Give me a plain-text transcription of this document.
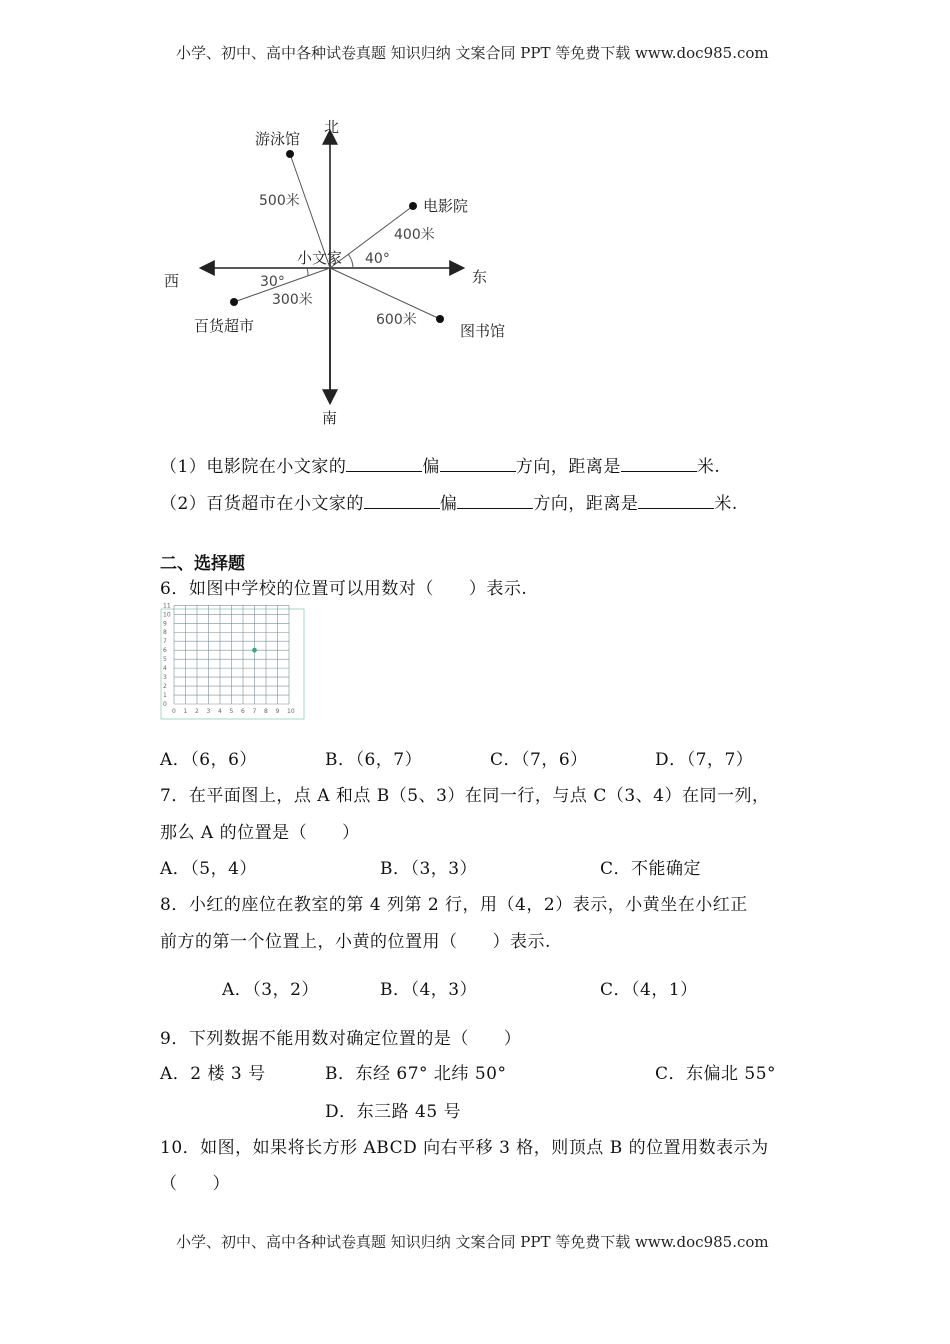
小学、初中、高中各种试卷真题 知识归纳 文案合同 PPT 等免费下载 www.doc985.com
北
南
东
西
游泳馆
电影院
百货超市	图书馆
小文家
500米
400米
300米
600米
40°
30°
（1）电影院在小文家的	偏	方向，距离是	米.
（2）百货超市在小文家的	偏	方向，距离是	米.
二、选择题
6．如图中学校的位置可以用数对（　　）表示.
0 1 2 3 4 5 6 7 8 9 10
11
10
9
8
7
6
5
4
3
2
1
0
A．（6，6）	B．（6，7）	C．（7，6）	D．（7，7）
7．在平面图上，点 A 和点 B（5、3）在同一行，与点 C（3、4）在同一列，
那么 A 的位置是（　　）
A．（5，4）	B．（3，3）	C．不能确定
8．小红的座位在教室的第 4 列第 2 行，用（4，2）表示，小黄坐在小红正
前方的第一个位置上，小黄的位置用（　　）表示.
A．（3，2）	B．（4，3）	C．（4，1）
9．下列数据不能用数对确定位置的是（　　）
A．2 楼 3 号	B．东经 67° 北纬 50°	C．东偏北 55°
D．东三路 45 号
10．如图，如果将长方形 ABCD 向右平移 3 格，则顶点 B 的位置用数表示为
（　　）
小学、初中、高中各种试卷真题 知识归纳 文案合同 PPT 等免费下载 www.doc985.com
